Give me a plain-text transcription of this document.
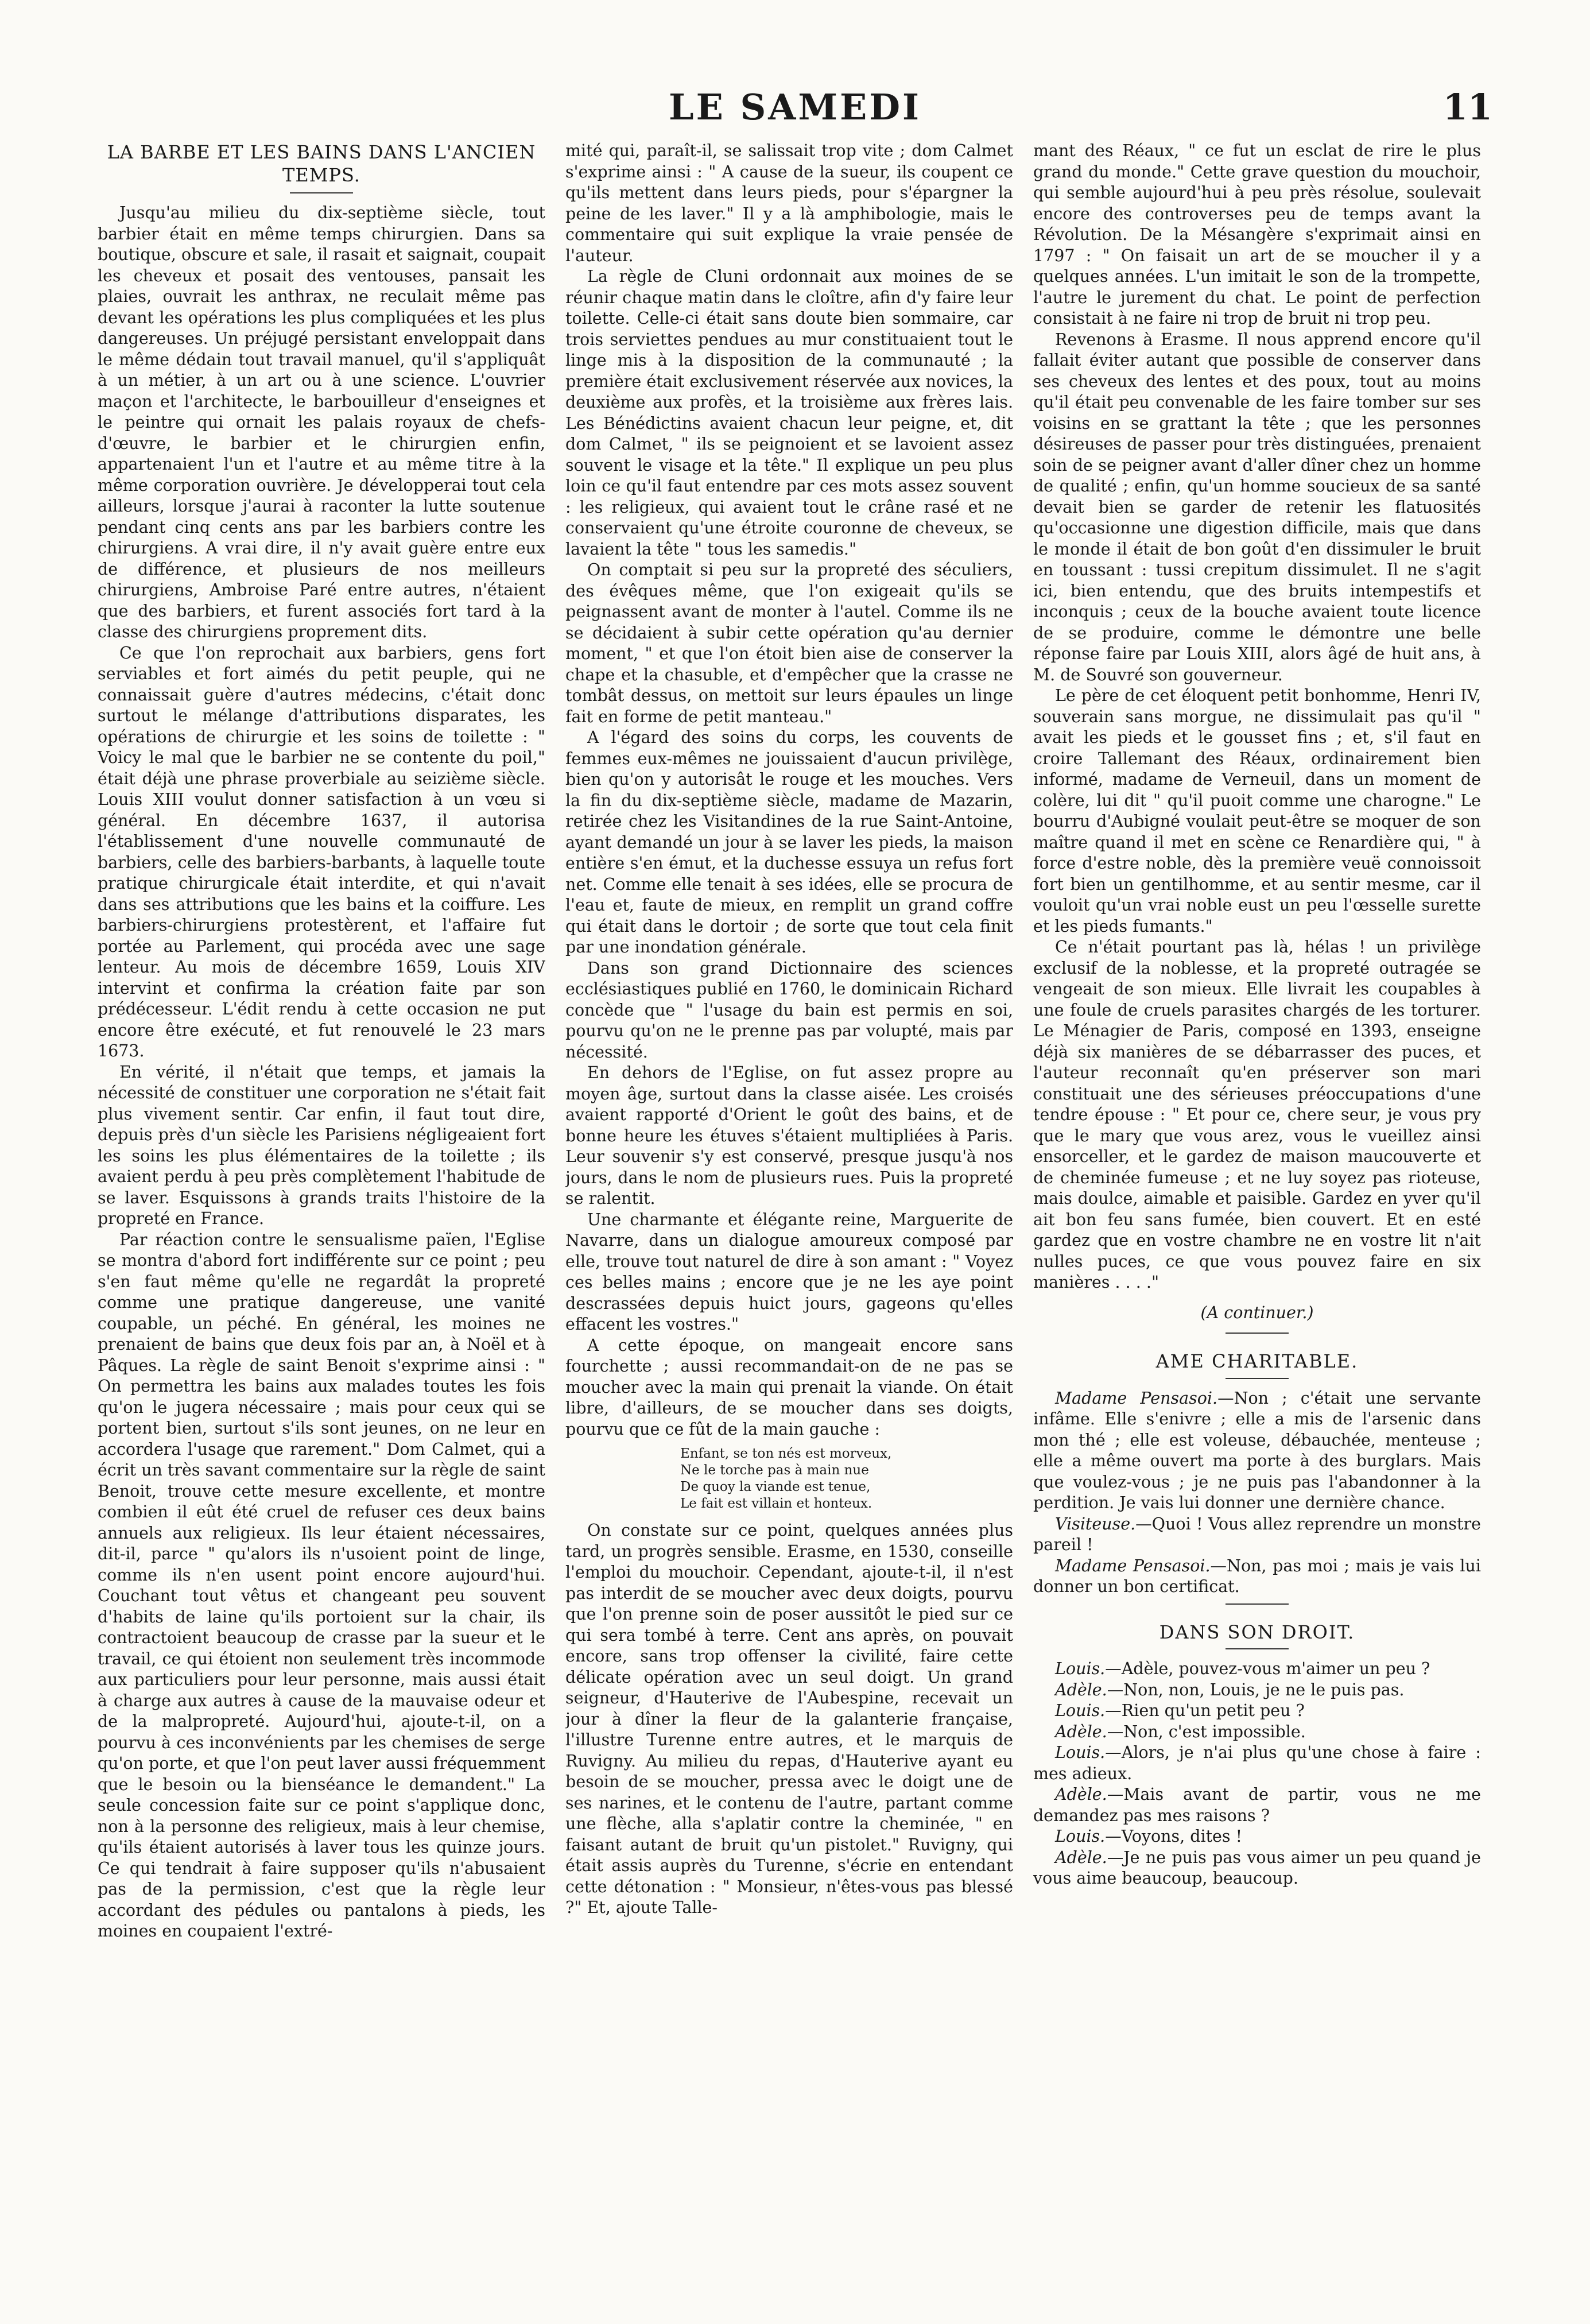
LE SAMEDI	11
LA BARBE ET LES BAINS DANS L'ANCIEN TEMPS.

Jusqu'au milieu du dix-septième siècle, tout barbier était en même temps chirurgien. Dans sa boutique, obscure et sale, il rasait et saignait, coupait les cheveux et posait des ventouses, pansait les plaies, ouvrait les anthrax, ne reculait même pas devant les opérations les plus compliquées et les plus dangereuses. Un préjugé persistant enveloppait dans le même dédain tout travail manuel, qu'il s'appliquât à un métier, à un art ou à une science. L'ouvrier maçon et l'architecte, le barbouilleur d'enseignes et le peintre qui ornait les palais royaux de chefs-d'œuvre, le barbier et le chirurgien enfin, appartenaient l'un et l'autre et au même titre à la même corporation ouvrière. Je développerai tout cela ailleurs, lorsque j'aurai à raconter la lutte soutenue pendant cinq cents ans par les barbiers contre les chirurgiens. A vrai dire, il n'y avait guère entre eux de différence, et plusieurs de nos meilleurs chirurgiens, Ambroise Paré entre autres, n'étaient que des barbiers, et furent associés fort tard à la classe des chirurgiens proprement dits.

Ce que l'on reprochait aux barbiers, gens fort serviables et fort aimés du petit peuple, qui ne connaissait guère d'autres médecins, c'était donc surtout le mélange d'attributions disparates, les opérations de chirurgie et les soins de toilette : " Voicy le mal que le barbier ne se contente du poil," était déjà une phrase proverbiale au seizième siècle. Louis XIII voulut donner satisfaction à un vœu si général. En décembre 1637, il autorisa l'établissement d'une nouvelle communauté de barbiers, celle des barbiers-barbants, à laquelle toute pratique chirurgicale était interdite, et qui n'avait dans ses attributions que les bains et la coiffure. Les barbiers-chirurgiens protestèrent, et l'affaire fut portée au Parlement, qui procéda avec une sage lenteur. Au mois de décembre 1659, Louis XIV intervint et confirma la création faite par son prédécesseur. L'édit rendu à cette occasion ne put encore être exécuté, et fut renouvelé le 23 mars 1673.

En vérité, il n'était que temps, et jamais la nécessité de constituer une corporation ne s'était fait plus vivement sentir. Car enfin, il faut tout dire, depuis près d'un siècle les Parisiens négligeaient fort les soins les plus élémentaires de la toilette ; ils avaient perdu à peu près complètement l'habitude de se laver. Esquissons à grands traits l'histoire de la propreté en France.

Par réaction contre le sensualisme païen, l'Eglise se montra d'abord fort indifférente sur ce point ; peu s'en faut même qu'elle ne regardât la propreté comme une pratique dangereuse, une vanité coupable, un péché. En général, les moines ne prenaient de bains que deux fois par an, à Noël et à Pâques. La règle de saint Benoit s'exprime ainsi : " On permettra les bains aux malades toutes les fois qu'on le jugera nécessaire ; mais pour ceux qui se portent bien, surtout s'ils sont jeunes, on ne leur en accordera l'usage que rarement." Dom Calmet, qui a écrit un très savant commentaire sur la règle de saint Benoit, trouve cette mesure excellente, et montre combien il eût été cruel de refuser ces deux bains annuels aux religieux. Ils leur étaient nécessaires, dit-il, parce " qu'alors ils n'usoient point de linge, comme ils n'en usent point encore aujourd'hui. Couchant tout vêtus et changeant peu souvent d'habits de laine qu'ils portoient sur la chair, ils contractoient beaucoup de crasse par la sueur et le travail, ce qui étoient non seulement très incommode aux particuliers pour leur personne, mais aussi était à charge aux autres à cause de la mauvaise odeur et de la malpropreté. Aujourd'hui, ajoute-t-il, on a pourvu à ces inconvénients par les chemises de serge qu'on porte, et que l'on peut laver aussi fréquemment que le besoin ou la bienséance le demandent." La seule concession faite sur ce point s'applique donc, non à la personne des religieux, mais à leur chemise, qu'ils étaient autorisés à laver tous les quinze jours. Ce qui tendrait à faire supposer qu'ils n'abusaient pas de la permission, c'est que la règle leur accordant des pédules ou pantalons à pieds, les moines en coupaient l'extré-

mité qui, paraît-il, se salissait trop vite ; dom Calmet s'exprime ainsi : " A cause de la sueur, ils coupent ce qu'ils mettent dans leurs pieds, pour s'épargner la peine de les laver." Il y a là amphibologie, mais le commentaire qui suit explique la vraie pensée de l'auteur.

La règle de Cluni ordonnait aux moines de se réunir chaque matin dans le cloître, afin d'y faire leur toilette. Celle-ci était sans doute bien sommaire, car trois serviettes pendues au mur constituaient tout le linge mis à la disposition de la communauté ; la première était exclusivement réservée aux novices, la deuxième aux profès, et la troisième aux frères lais. Les Bénédictins avaient chacun leur peigne, et, dit dom Calmet, " ils se peignoient et se lavoient assez souvent le visage et la tête." Il explique un peu plus loin ce qu'il faut entendre par ces mots assez souvent : les religieux, qui avaient tout le crâne rasé et ne conservaient qu'une étroite couronne de cheveux, se lavaient la tête " tous les samedis."

On comptait si peu sur la propreté des séculiers, des évêques même, que l'on exigeait qu'ils se peignassent avant de monter à l'autel. Comme ils ne se décidaient à subir cette opération qu'au dernier moment, " et que l'on étoit bien aise de conserver la chape et la chasuble, et d'empêcher que la crasse ne tombât dessus, on mettoit sur leurs épaules un linge fait en forme de petit manteau."

A l'égard des soins du corps, les couvents de femmes eux-mêmes ne jouissaient d'aucun privilège, bien qu'on y autorisât le rouge et les mouches. Vers la fin du dix-septième siècle, madame de Mazarin, retirée chez les Visitandines de la rue Saint-Antoine, ayant demandé un jour à se laver les pieds, la maison entière s'en émut, et la duchesse essuya un refus fort net. Comme elle tenait à ses idées, elle se procura de l'eau et, faute de mieux, en remplit un grand coffre qui était dans le dortoir ; de sorte que tout cela finit par une inondation générale.

Dans son grand Dictionnaire des sciences ecclésiastiques publié en 1760, le dominicain Richard concède que " l'usage du bain est permis en soi, pourvu qu'on ne le prenne pas par volupté, mais par nécessité.

En dehors de l'Eglise, on fut assez propre au moyen âge, surtout dans la classe aisée. Les croisés avaient rapporté d'Orient le goût des bains, et de bonne heure les étuves s'étaient multipliées à Paris. Leur souvenir s'y est conservé, presque jusqu'à nos jours, dans le nom de plusieurs rues. Puis la propreté se ralentit.

Une charmante et élégante reine, Marguerite de Navarre, dans un dialogue amoureux composé par elle, trouve tout naturel de dire à son amant : " Voyez ces belles mains ; encore que je ne les aye point descrassées depuis huict jours, gageons qu'elles effacent les vostres."

A cette époque, on mangeait encore sans fourchette ; aussi recommandait-on de ne pas se moucher avec la main qui prenait la viande. On était libre, d'ailleurs, de se moucher dans ses doigts, pourvu que ce fût de la main gauche :

Enfant, se ton nés est morveux,
Ne le torche pas à main nue
De quoy la viande est tenue,
Le fait est villain et honteux.

On constate sur ce point, quelques années plus tard, un progrès sensible. Erasme, en 1530, conseille l'emploi du mouchoir. Cependant, ajoute-t-il, il n'est pas interdit de se moucher avec deux doigts, pourvu que l'on prenne soin de poser aussitôt le pied sur ce qui sera tombé à terre. Cent ans après, on pouvait encore, sans trop offenser la civilité, faire cette délicate opération avec un seul doigt. Un grand seigneur, d'Hauterive de l'Aubespine, recevait un jour à dîner la fleur de la galanterie française, l'illustre Turenne entre autres, et le marquis de Ruvigny. Au milieu du repas, d'Hauterive ayant eu besoin de se moucher, pressa avec le doigt une de ses narines, et le contenu de l'autre, partant comme une flèche, alla s'aplatir contre la cheminée, " en faisant autant de bruit qu'un pistolet." Ruvigny, qui était assis auprès du Turenne, s'écrie en entendant cette détonation : " Monsieur, n'êtes-vous pas blessé ?" Et, ajoute Talle-

mant des Réaux, " ce fut un esclat de rire le plus grand du monde." Cette grave question du mouchoir, qui semble aujourd'hui à peu près résolue, soulevait encore des controverses peu de temps avant la Révolution. De la Mésangère s'exprimait ainsi en 1797 : " On faisait un art de se moucher il y a quelques années. L'un imitait le son de la trompette, l'autre le jurement du chat. Le point de perfection consistait à ne faire ni trop de bruit ni trop peu.

Revenons à Erasme. Il nous apprend encore qu'il fallait éviter autant que possible de conserver dans ses cheveux des lentes et des poux, tout au moins qu'il était peu convenable de les faire tomber sur ses voisins en se grattant la tête ; que les personnes désireuses de passer pour très distinguées, prenaient soin de se peigner avant d'aller dîner chez un homme de qualité ; enfin, qu'un homme soucieux de sa santé devait bien se garder de retenir les flatuosités qu'occasionne une digestion difficile, mais que dans le monde il était de bon goût d'en dissimuler le bruit en toussant : tussi crepitum dissimulet. Il ne s'agit ici, bien entendu, que des bruits intempestifs et inconquis ; ceux de la bouche avaient toute licence de se produire, comme le démontre une belle réponse faire par Louis XIII, alors âgé de huit ans, à M. de Souvré son gouverneur.

Le père de cet éloquent petit bonhomme, Henri IV, souverain sans morgue, ne dissimulait pas qu'il " avait les pieds et le gousset fins ; et, s'il faut en croire Tallemant des Réaux, ordinairement bien informé, madame de Verneuil, dans un moment de colère, lui dit " qu'il puoit comme une charogne." Le bourru d'Aubigné voulait peut-être se moquer de son maître quand il met en scène ce Renardière qui, " à force d'estre noble, dès la première veuë connoissoit fort bien un gentilhomme, et au sentir mesme, car il vouloit qu'un vrai noble eust un peu l'œsselle surette et les pieds fumants."

Ce n'était pourtant pas là, hélas ! un privilège exclusif de la noblesse, et la propreté outragée se vengeait de son mieux. Elle livrait les coupables à une foule de cruels parasites chargés de les torturer. Le Ménagier de Paris, composé en 1393, enseigne déjà six manières de se débarrasser des puces, et l'auteur reconnaît qu'en préserver son mari constituait une des sérieuses préoccupations d'une tendre épouse : " Et pour ce, chere seur, je vous pry que le mary que vous arez, vous le vueillez ainsi ensorceller, et le gardez de maison maucouverte et de cheminée fumeuse ; et ne luy soyez pas rioteuse, mais doulce, aimable et paisible. Gardez en yver qu'il ait bon feu sans fumée, bien couvert. Et en esté gardez que en vostre chambre ne en vostre lit n'ait nulles puces, ce que vous pouvez faire en six manières . . . ."

(A continuer.)
AME CHARITABLE.

Madame Pensasoi.—Non ; c'était une servante infâme. Elle s'enivre ; elle a mis de l'arsenic dans mon thé ; elle est voleuse, débauchée, menteuse ; elle a même ouvert ma porte à des burglars. Mais que voulez-vous ; je ne puis pas l'abandonner à la perdition. Je vais lui donner une dernière chance.

Visiteuse.—Quoi ! Vous allez reprendre un monstre pareil !

Madame Pensasoi.—Non, pas moi ; mais je vais lui donner un bon certificat.

DANS SON DROIT.

Louis.—Adèle, pouvez-vous m'aimer un peu ?

Adèle.—Non, non, Louis, je ne le puis pas.

Louis.—Rien qu'un petit peu ?

Adèle.—Non, c'est impossible.

Louis.—Alors, je n'ai plus qu'une chose à faire : mes adieux.

Adèle.—Mais avant de partir, vous ne me demandez pas mes raisons ?

Louis.—Voyons, dites !

Adèle.—Je ne puis pas vous aimer un peu quand je vous aime beaucoup, beaucoup.
